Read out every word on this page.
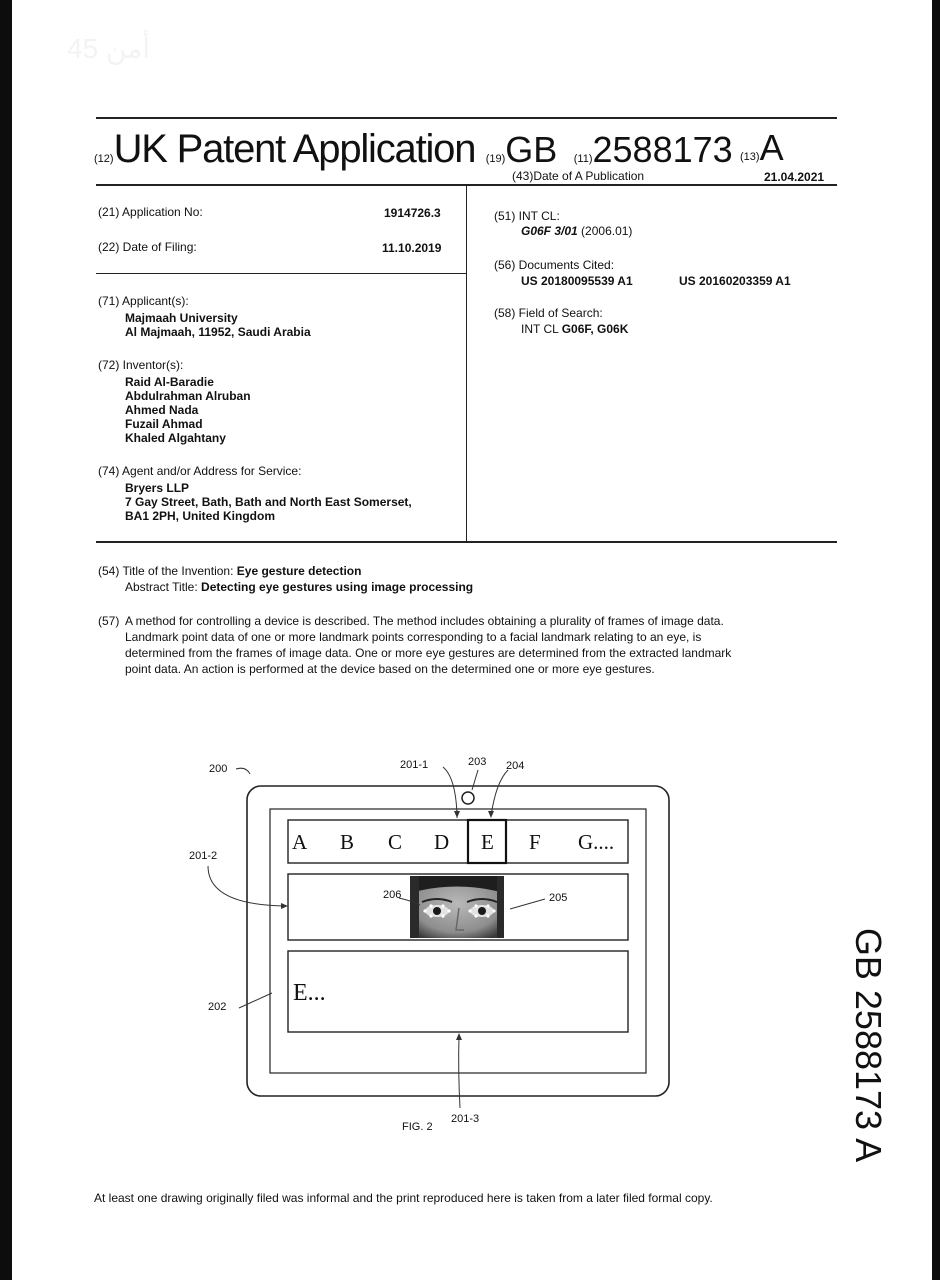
أمن 45
(12)UK Patent Application (19)GB (11)2588173 (13)A
(43)Date of A Publication	21.04.2021
(21) Application No:	1914726.3
(22) Date of Filing:	11.10.2019
(71) Applicant(s):
Majmaah University
Al Majmaah, 11952, Saudi Arabia
(72) Inventor(s):
Raid Al-Baradie
Abdulrahman Alruban
Ahmed Nada
Fuzail Ahmad
Khaled Algahtany
(74) Agent and/or Address for Service:
Bryers LLP
7 Gay Street, Bath, Bath and North East Somerset,
BA1 2PH, United Kingdom
(51) INT CL:
G06F 3/01 (2006.01)
(56) Documents Cited:
US 20180095539 A1	US 20160203359 A1
(58) Field of Search:
INT CL G06F, G06K
(54) Title of the Invention: Eye gesture detection
Abstract Title: Detecting eye gestures using image processing
(57) A method for controlling a device is described. The method includes obtaining a plurality of frames of image data.
Landmark point data of one or more landmark points corresponding to a facial landmark relating to an eye, is
determined from the frames of image data. One or more eye gestures are determined from the extracted landmark
point data. An action is performed at the device based on the determined one or more eye gestures.
A B C D E F G....
E...
200	201-1	203 204
201-2
206	205
202
201-3
FIG. 2	GB 2588173 A
At least one drawing originally filed was informal and the print reproduced here is taken from a later filed formal copy.
